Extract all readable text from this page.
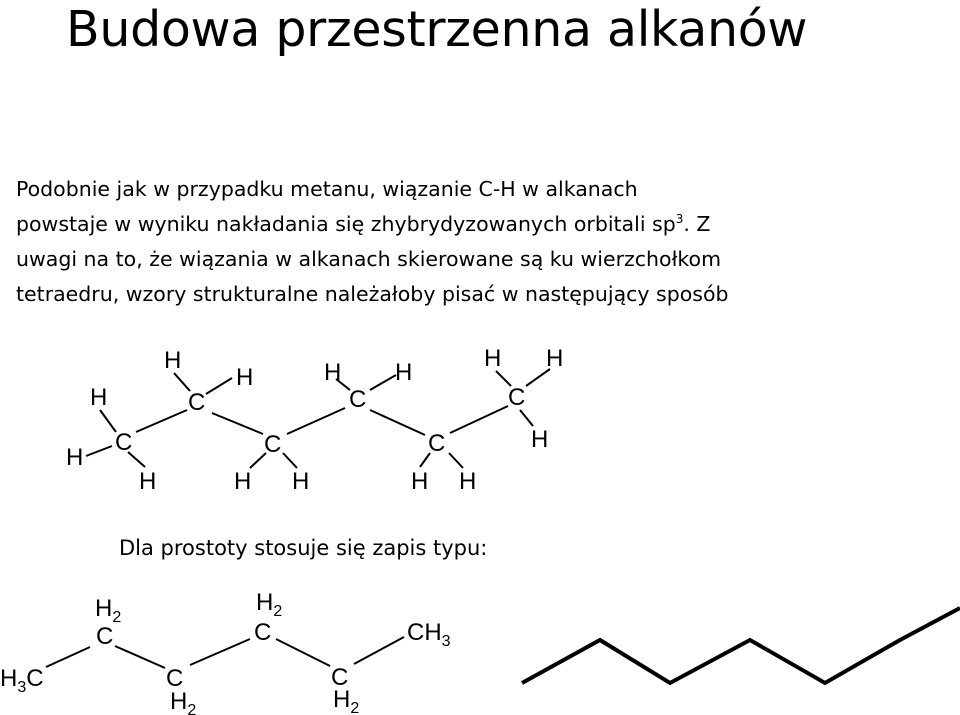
Budowa przestrzenna alkanów

Podobnie jak w przypadku metanu, wiązanie C-H w alkanach
powstaje w wyniku nakładania się zhybrydyzowanych orbitali $sp^3$. Z
uwagi na to, że wiązania w alkanach skierowane są ku wierzchołkom
tetraedru, wzory strukturalne należałoby pisać w następujący sposób

Dla prostoty stosuje się zapis typu:
H
H
C
H
H
C
H
C
H H
H
C
H
C
H H
H
C
H
H
$H_3C$
$H_2$
C
C
$H_2$
$H_2$
C
C
$H_2$
$CH_3$
